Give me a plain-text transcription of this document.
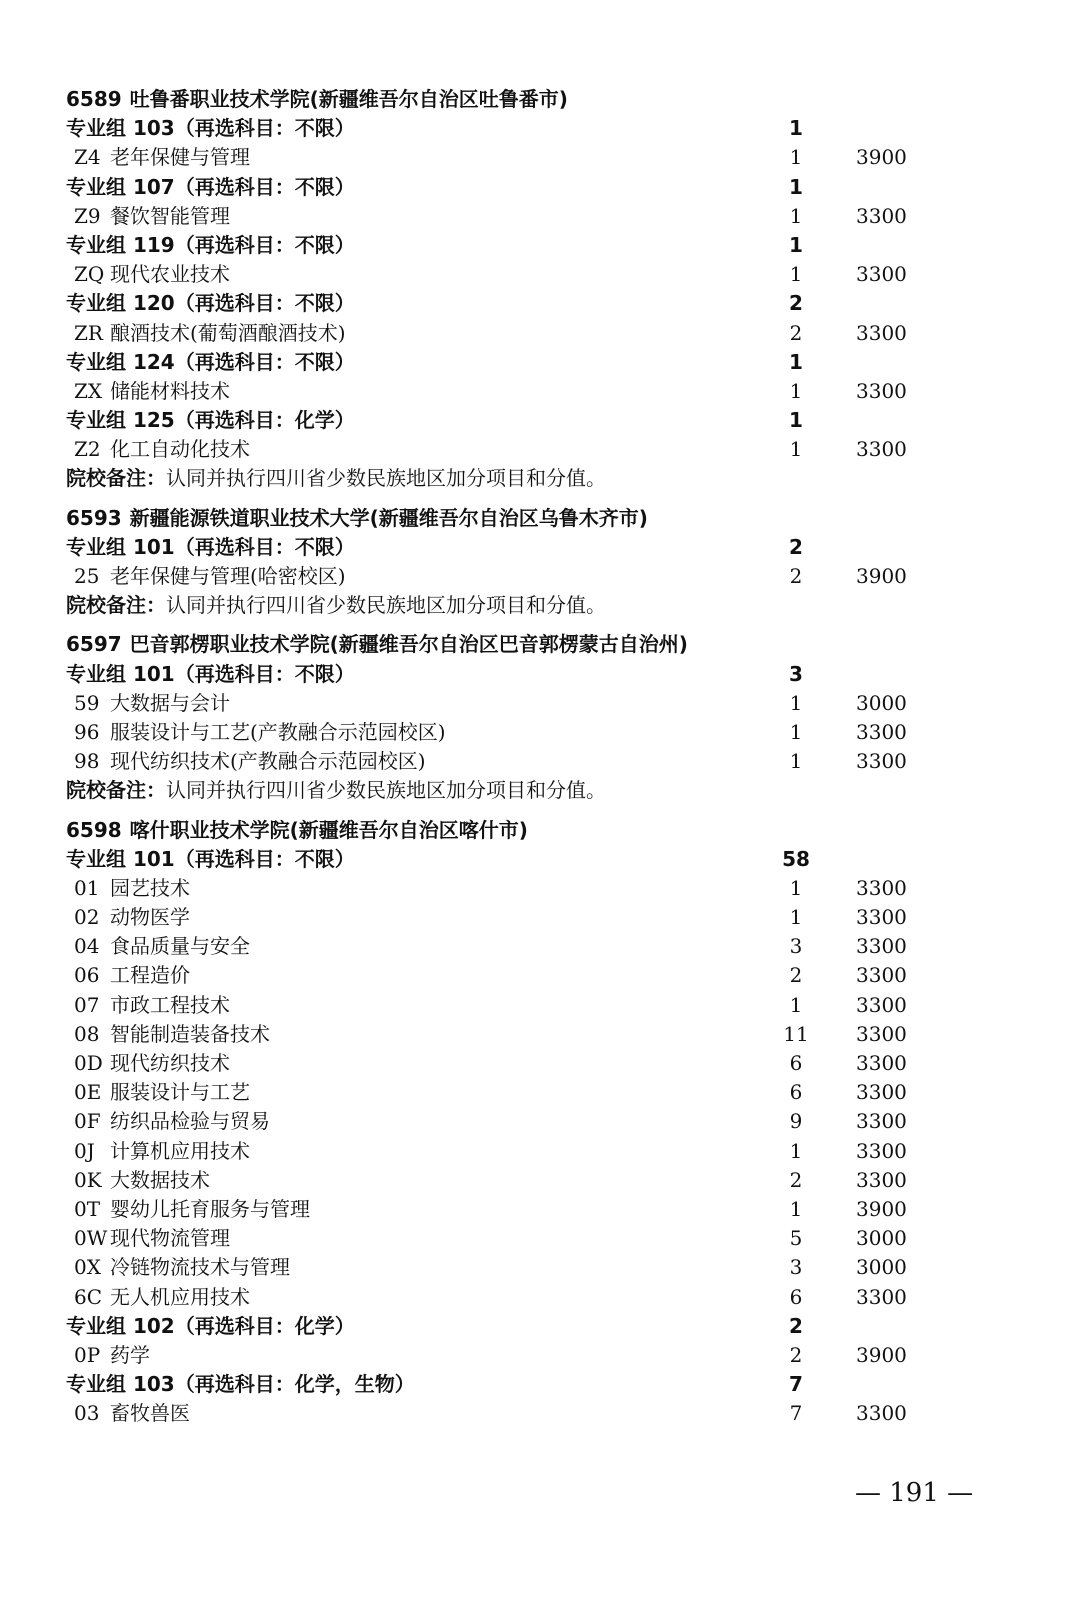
6589 吐鲁番职业技术学院(新疆维吾尔自治区吐鲁番市)
专业组 103（再选科目：不限）	1
Z4 老年保健与管理	1	3900
专业组 107（再选科目：不限）	1
Z9 餐饮智能管理	1	3300
专业组 119（再选科目：不限）	1
ZQ 现代农业技术	1	3300
专业组 120（再选科目：不限）	2
ZR 酿酒技术(葡萄酒酿酒技术)	2	3300
专业组 124（再选科目：不限）	1
ZX 储能材料技术	1	3300
专业组 125（再选科目：化学）	1
Z2 化工自动化技术	1	3300
院校备注：认同并执行四川省少数民族地区加分项目和分值。
6593 新疆能源铁道职业技术大学(新疆维吾尔自治区乌鲁木齐市)
专业组 101（再选科目：不限）	2
25 老年保健与管理(哈密校区)	2	3900
院校备注：认同并执行四川省少数民族地区加分项目和分值。
6597 巴音郭楞职业技术学院(新疆维吾尔自治区巴音郭楞蒙古自治州)
专业组 101（再选科目：不限）	3
59 大数据与会计	1	3000
96 服装设计与工艺(产教融合示范园校区)	1	3300
98 现代纺织技术(产教融合示范园校区)	1	3300
院校备注：认同并执行四川省少数民族地区加分项目和分值。
6598 喀什职业技术学院(新疆维吾尔自治区喀什市)
专业组 101（再选科目：不限）	58
01 园艺技术	1	3300
02 动物医学	1	3300
04 食品质量与安全	3	3300
06 工程造价	2	3300
07 市政工程技术	1	3300
08 智能制造装备技术	11	3300
0D 现代纺织技术	6	3300
0E 服装设计与工艺	6	3300
0F 纺织品检验与贸易	9	3300
0J 计算机应用技术	1	3300
0K 大数据技术	2	3300
0T 婴幼儿托育服务与管理	1	3900
0W 现代物流管理	5	3000
0X 冷链物流技术与管理	3	3000
6C 无人机应用技术	6	3300
专业组 102（再选科目：化学）	2
0P 药学	2	3900
专业组 103（再选科目：化学，生物）	7
03 畜牧兽医	7	3300
— 191 —
